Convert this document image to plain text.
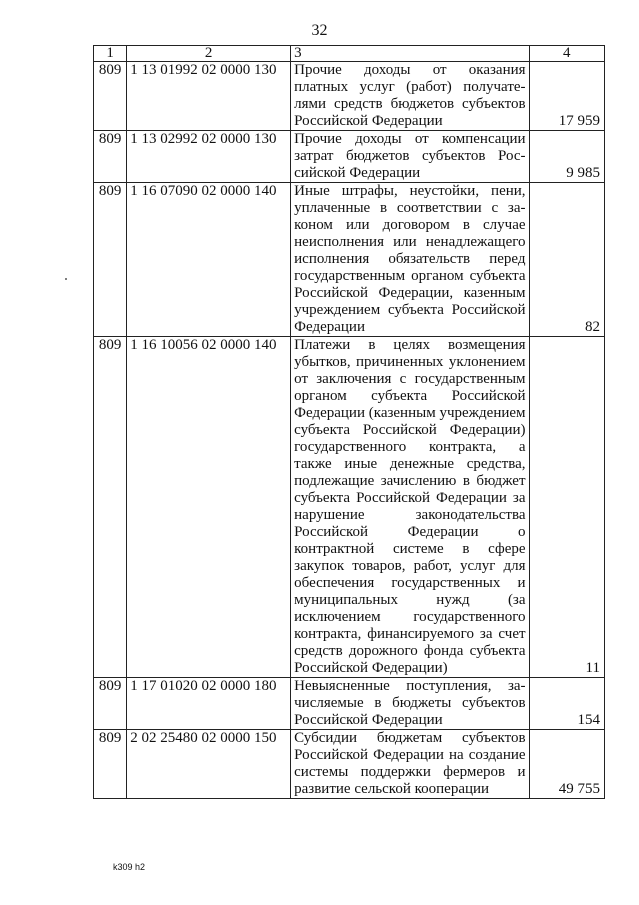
32
1	2	3	4
809	1 13 01992 02 0000 130	Прочие доходы от оказания платных услуг (работ) получателями средств бюджетов субъектов Российской Федерации	17 959
809	1 13 02992 02 0000 130	Прочие доходы от компенсации затрат бюджетов субъектов Российской Федерации	9 985
809	1 16 07090 02 0000 140	Иные штрафы, неустойки, пени, уплаченные в соответствии с законом или договором в случае неисполнения или ненадлежащего исполнения обязательств перед государственным органом субъекта Российской Федерации, казенным учреждением субъекта Российской Федерации	82
809	1 16 10056 02 0000 140	Платежи в целях возмещения убытков, причиненных уклонением от заключения с государственным органом субъекта Российской Федерации (казенным учреждением субъекта Российской Федерации) государственного контракта, а также иные денежные средства, подлежащие зачислению в бюджет субъекта Российской Федерации за нарушение законодательства Российской Федерации о контрактной системе в сфере закупок товаров, работ, услуг для обеспечения государственных и муниципальных нужд (за исключением государственного контракта, финансируемого за счет средств дорожного фонда субъекта Российской Федерации)	11
809	1 17 01020 02 0000 180	Невыясненные поступления, зачисляемые в бюджеты субъектов Российской Федерации	154
809	2 02 25480 02 0000 150	Субсидии бюджетам субъектов Российской Федерации на создание системы поддержки фермеров и развитие сельской кооперации	49 755
k309 h2
